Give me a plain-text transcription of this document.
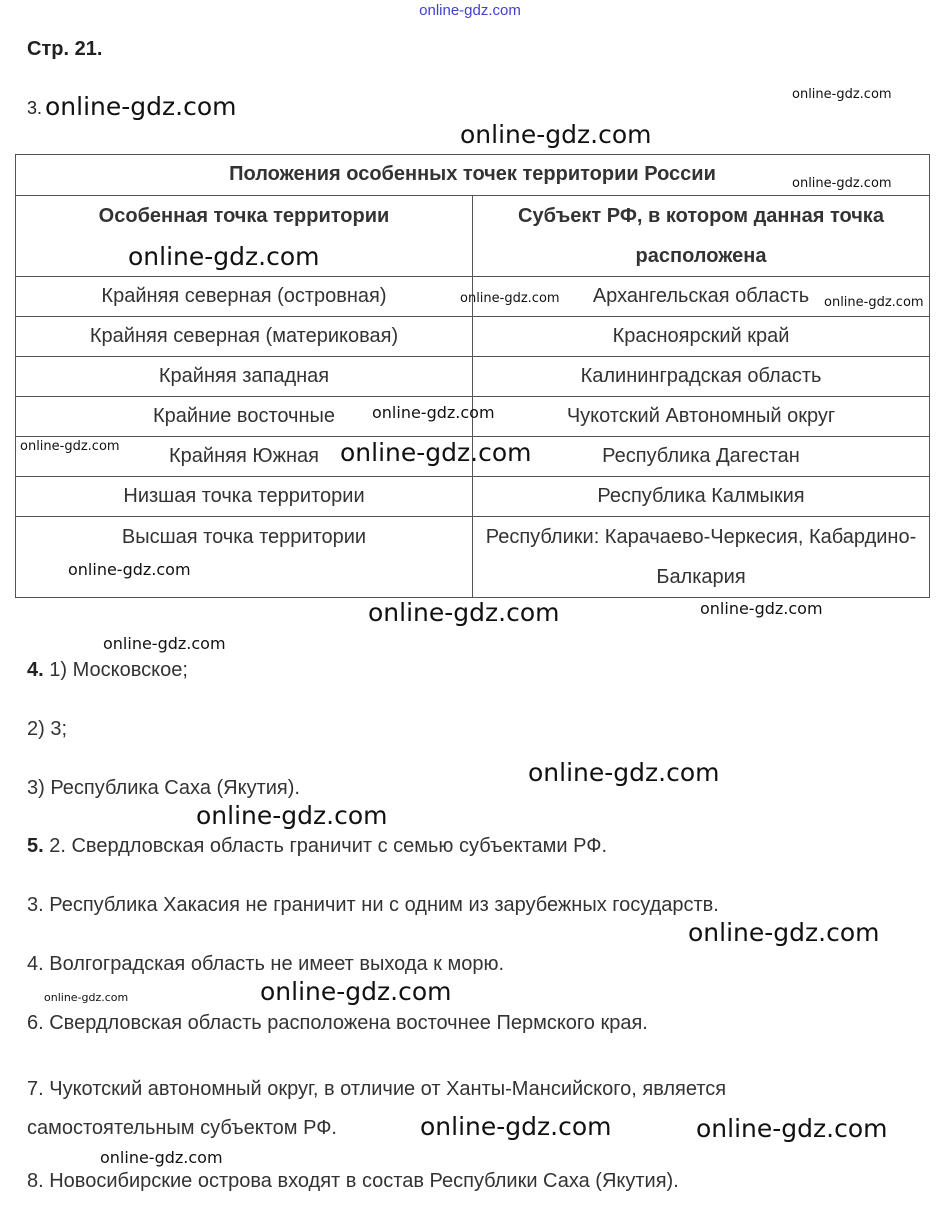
online-gdz.com
Стр. 21.
3.
Положения особенных точек территории России	
Особенная точка территории	Субъект РФ, в котором данная точка расположена
Крайняя северная (островная)	Архангельская область
Крайняя северная (материковая)	Красноярский край
Крайняя западная	Калининградская область
Крайние восточные	Чукотский Автономный округ
Крайняя Южная	Республика Дагестан
Низшая точка территории	Республика Калмыкия
Высшая точка территории	Республики: Карачаево-Черкесия, Кабардино-Балкария
4. 1) Московское;
2) 3;
3) Республика Саха (Якутия).
5. 2. Свердловская область граничит с семью субъектами РФ.
3. Республика Хакасия не граничит ни с одним из зарубежных государств.
4. Волгоградская область не имеет выхода к морю.
6. Свердловская область расположена восточнее Пермского края.
7. Чукотский автономный округ, в отличие от Ханты-Мансийского, является самостоятельным субъектом РФ.
8. Новосибирские острова входят в состав Республики Саха (Якутия).
online-gdz.com	online-gdz.com
online-gdz.com
online-gdz.com
online-gdz.com
online-gdz.com	online-gdz.com
online-gdz.com
online-gdz.com	online-gdz.com
online-gdz.com
online-gdz.com
online-gdz.com
online-gdz.com
online-gdz.com
online-gdz.com
online-gdz.com
online-gdz.com
online-gdz.com
online-gdz.com
online-gdz.com
online-gdz.com
